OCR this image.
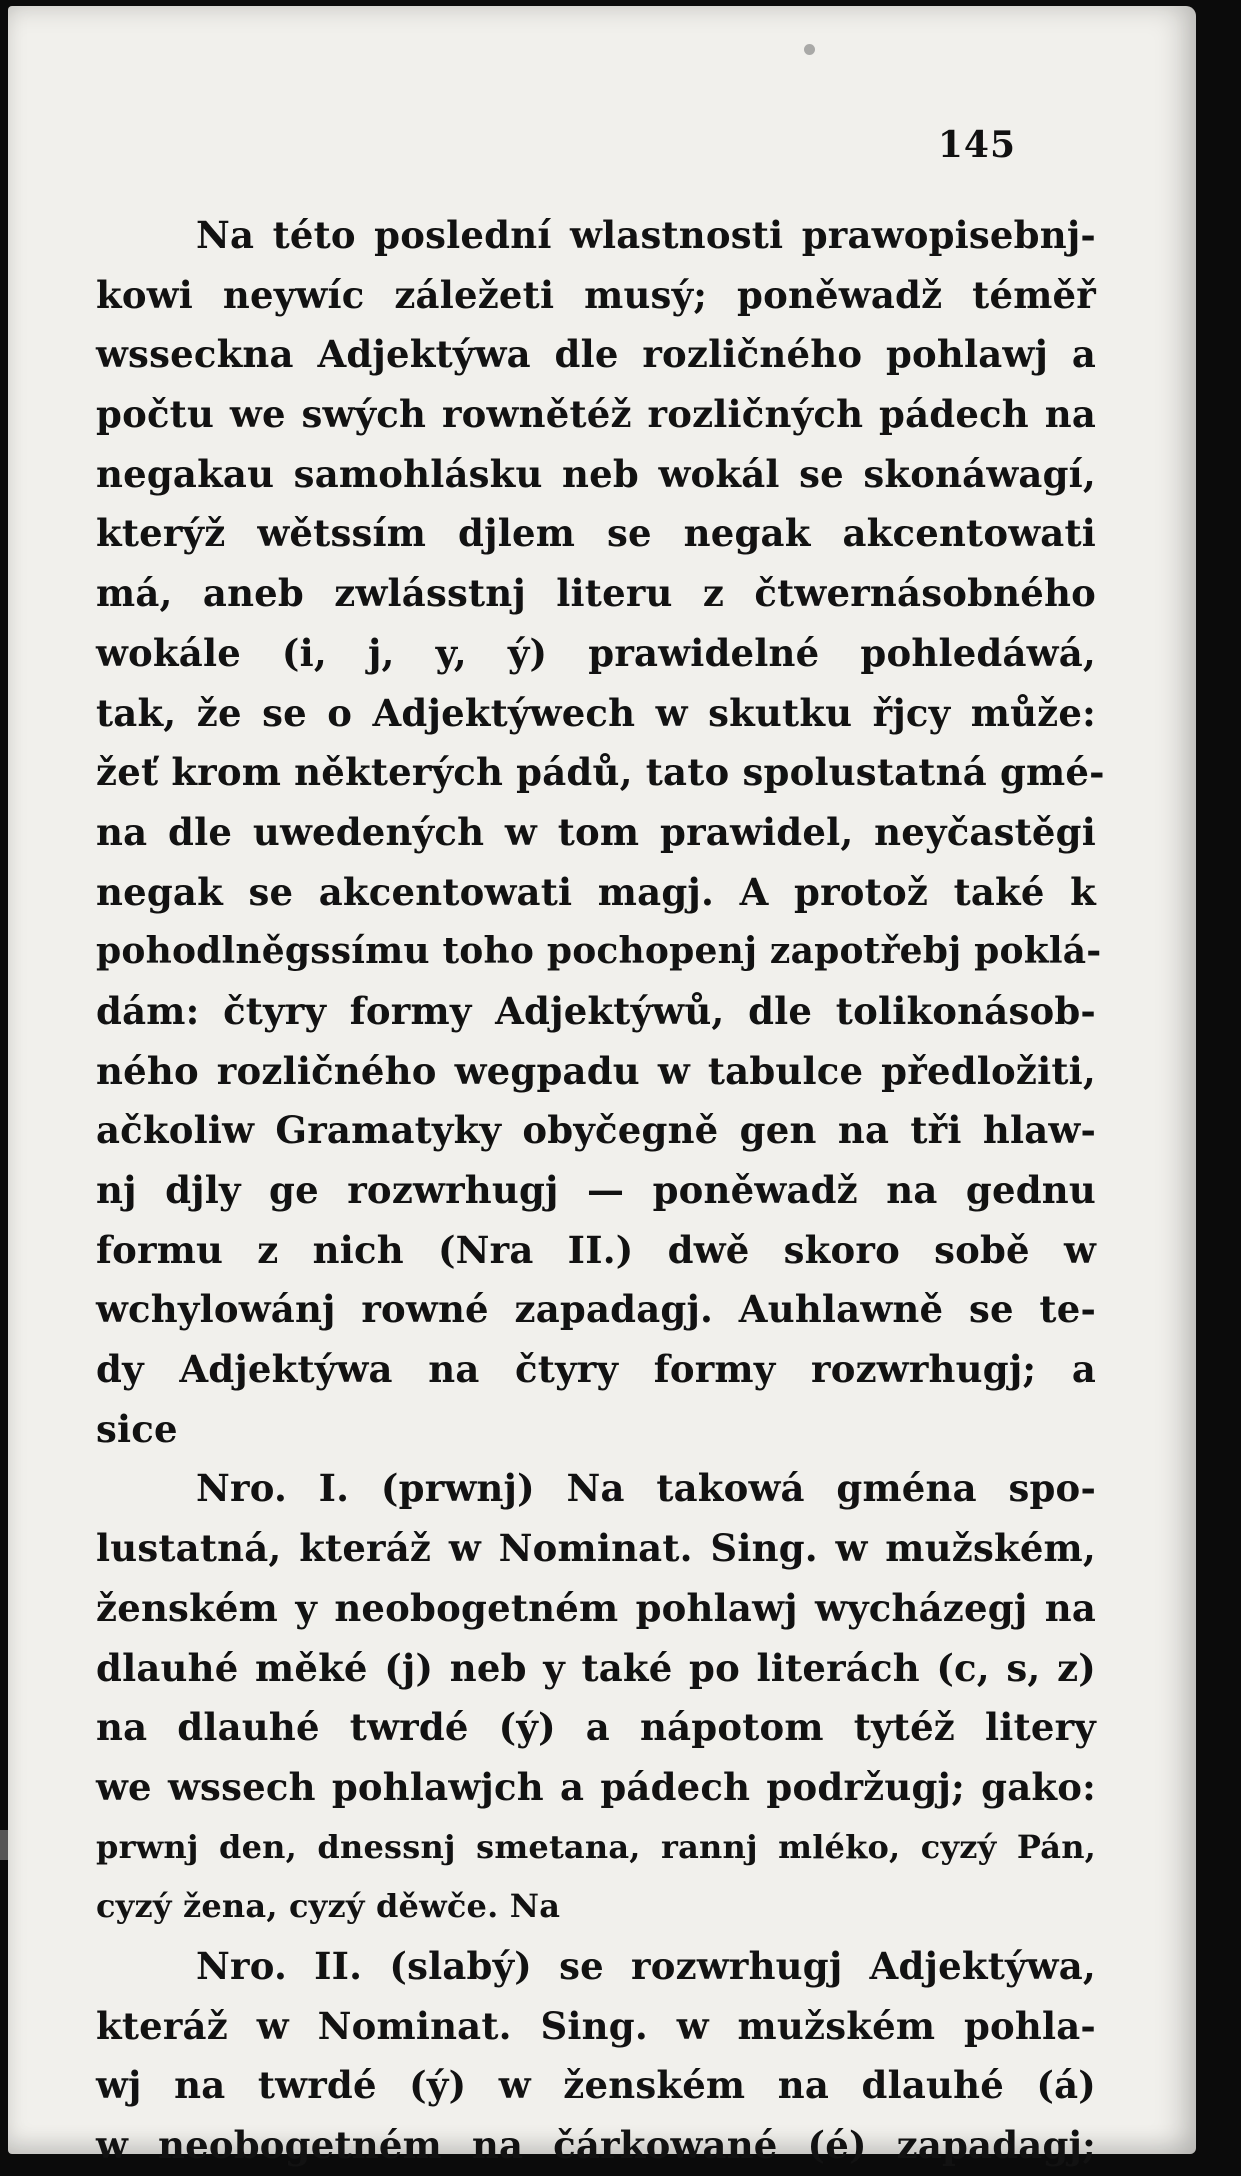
145
Na této poslední wlastnosti prawopisebnj-
kowi neywíc záležeti musý; poněwadž téměř
wsseckna Adjektýwa dle rozličného pohlawj a
počtu we swých rownětéž rozličných pádech na
negakau samohlásku neb wokál se skonáwagí,
kterýž wětssím djlem se negak akcentowati
má, aneb zwlásstnj literu z čtwernásobného
wokále (i, j, y, ý) prawidelné pohledáwá,
tak, že se o Adjektýwech w skutku řjcy může:
žeť krom některých pádů, tato spolustatná gmé-
na dle uwedených w tom prawidel, neyčastěgi
negak se akcentowati magj. A protož také k
pohodlněgssímu toho pochopenj zapotřebj poklá-
dám: čtyry formy Adjektýwů, dle tolikonásob-
ného rozličného wegpadu w tabulce předložiti,
ačkoliw Gramatyky obyčegně gen na tři hlaw-
nj djly ge rozwrhugj — poněwadž na gednu
formu z nich (Nra II.) dwě skoro sobě w
wchylowánj rowné zapadagj. Auhlawně se te-
dy Adjektýwa na čtyry formy rozwrhugj; a
sice
Nro. I. (prwnj) Na takowá gména spo-
lustatná, kteráž w Nominat. Sing. w mužském,
ženském y neobogetném pohlawj wycházegj na
dlauhé měké (j) neb y také po literách (c, s, z)
na dlauhé twrdé (ý) a nápotom tytéž litery
we wssech pohlawjch a pádech podržugj; gako:
prwnj den, dnessnj smetana, rannj mléko, cyzý Pán,
cyzý žena, cyzý děwče. Na
Nro. II. (slabý) se rozwrhugj Adjektýwa,
kteráž w Nominat. Sing. w mužském pohla-
wj na twrdé (ý) w ženském na dlauhé (á)
w neobogetném na čárkowané (é) zapadagj;
